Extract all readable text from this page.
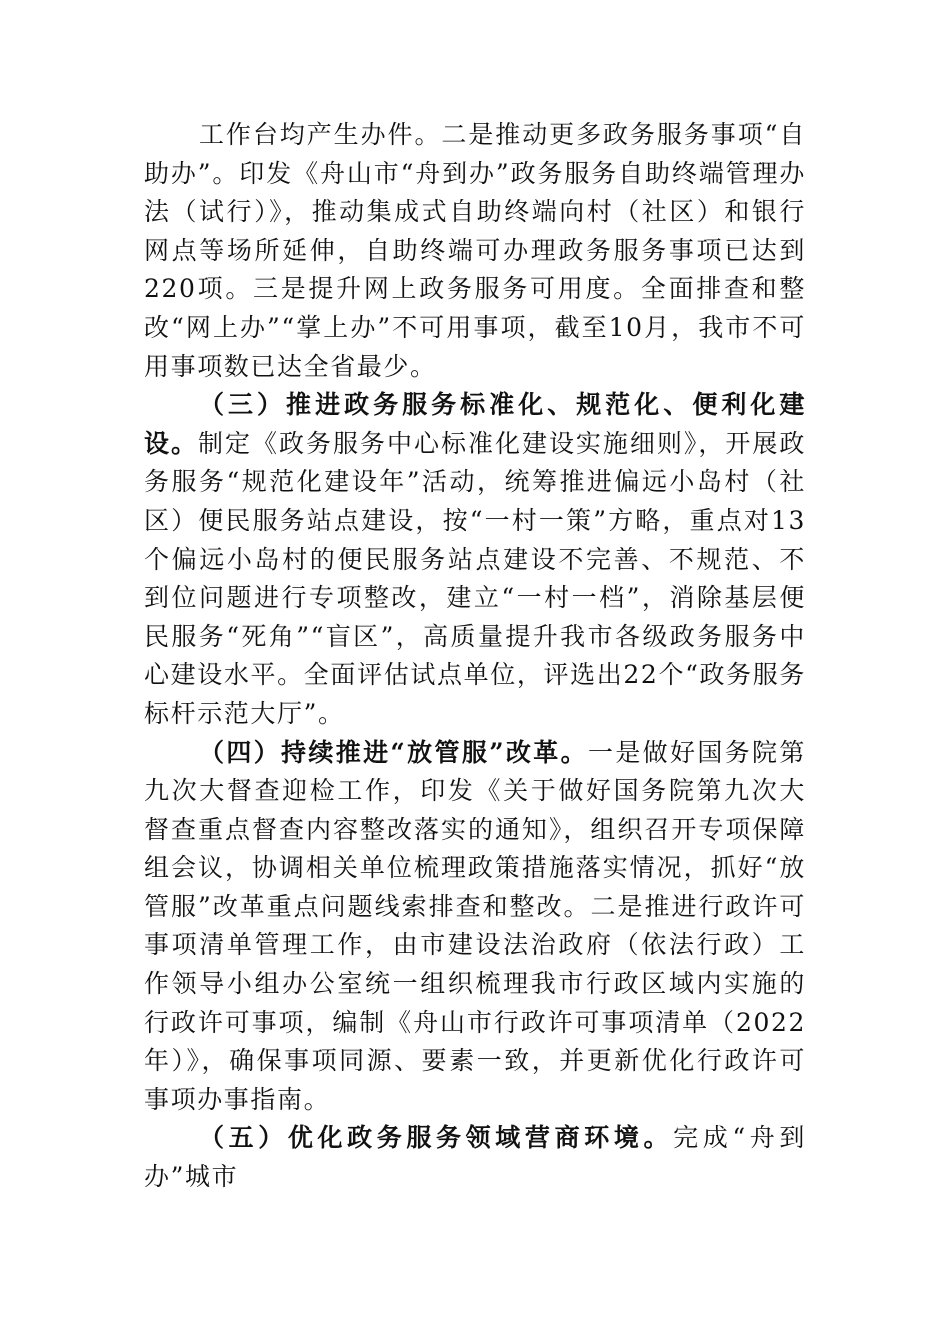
工作台均产生办件。二是推动更多政务服务事项“自助办”。印发《舟山市“舟到办”政务服务自助终端管理办法（试行）》，推动集成式自助终端向村（社区）和银行网点等场所延伸，自助终端可办理政务服务事项已达到220项。三是提升网上政务服务可用度。全面排查和整改“网上办”“掌上办”不可用事项，截至10月，我市不可用事项数已达全省最少。

（三）推进政务服务标准化、规范化、便利化建设。制定《政务服务中心标准化建设实施细则》，开展政务服务“规范化建设年”活动，统筹推进偏远小岛村（社区）便民服务站点建设，按“一村一策”方略，重点对13个偏远小岛村的便民服务站点建设不完善、不规范、不到位问题进行专项整改，建立“一村一档”，消除基层便民服务“死角”“盲区”，高质量提升我市各级政务服务中心建设水平。全面评估试点单位，评选出22个“政务服务标杆示范大厅”。

（四）持续推进“放管服”改革。一是做好国务院第九次大督查迎检工作，印发《关于做好国务院第九次大督查重点督查内容整改落实的通知》，组织召开专项保障组会议，协调相关单位梳理政策措施落实情况，抓好“放管服”改革重点问题线索排查和整改。二是推进行政许可事项清单管理工作，由市建设法治政府（依法行政）工作领导小组办公室统一组织梳理我市行政区域内实施的行政许可事项，编制《舟山市行政许可事项清单（2022年）》，确保事项同源、要素一致，并更新优化行政许可事项办事指南。

（五）优化政务服务领域营商环境。完成“舟到办”城市
